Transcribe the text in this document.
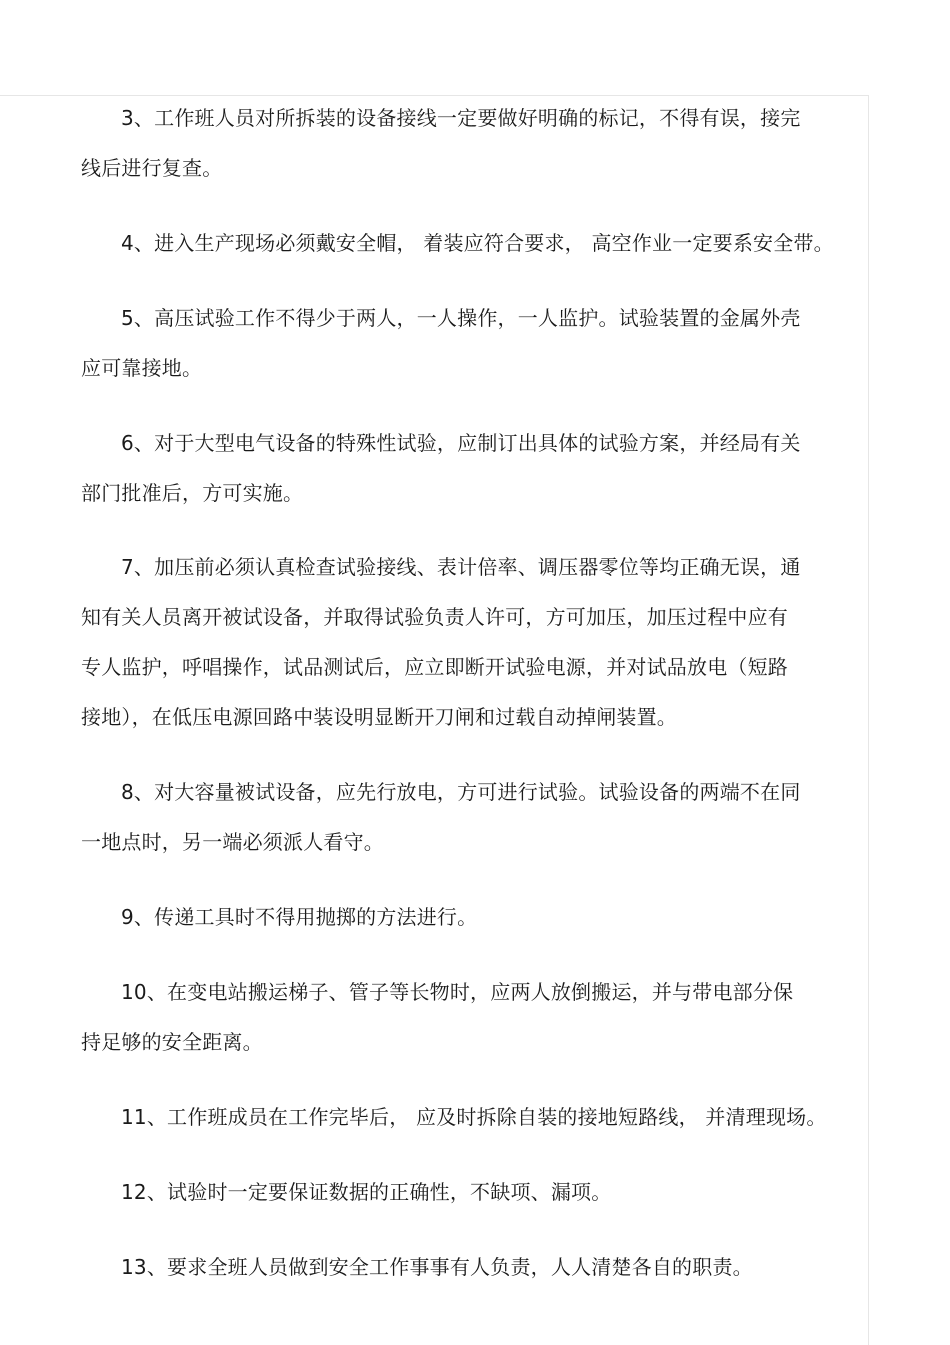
3、工作班人员对所拆装的设备接线一定要做好明确的标记，不得有误，接完
线后进行复查。
4、进入生产现场必须戴安全帽， 着装应符合要求， 高空作业一定要系安全带。
5、高压试验工作不得少于两人，一人操作，一人监护。试验装置的金属外壳
应可靠接地。
6、对于大型电气设备的特殊性试验，应制订出具体的试验方案，并经局有关
部门批准后，方可实施。
7、加压前必须认真检查试验接线、表计倍率、调压器零位等均正确无误，通
知有关人员离开被试设备，并取得试验负责人许可，方可加压，加压过程中应有
专人监护，呼唱操作，试品测试后，应立即断开试验电源，并对试品放电（短路
接地），在低压电源回路中装设明显断开刀闸和过载自动掉闸装置。
8、对大容量被试设备，应先行放电，方可进行试验。试验设备的两端不在同
一地点时，另一端必须派人看守。
9、传递工具时不得用抛掷的方法进行。
10、在变电站搬运梯子、管子等长物时，应两人放倒搬运，并与带电部分保
持足够的安全距离。
11、工作班成员在工作完毕后， 应及时拆除自装的接地短路线， 并清理现场。
12、试验时一定要保证数据的正确性，不缺项、漏项。
13、要求全班人员做到安全工作事事有人负责，人人清楚各自的职责。
